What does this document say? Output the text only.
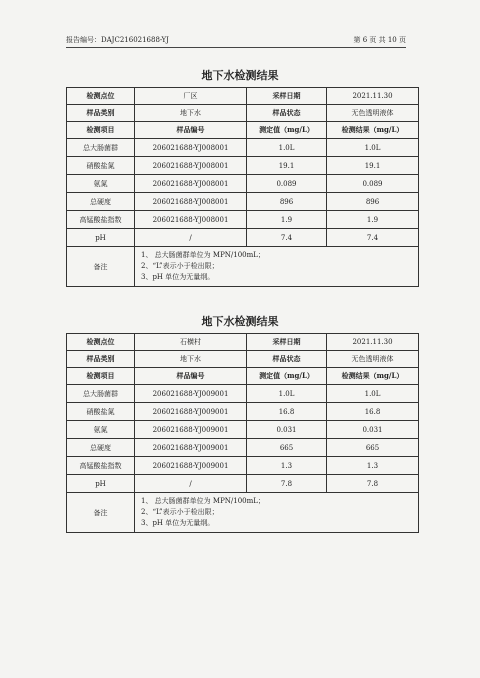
报告编号：DAJC216021688-YJ	第 6 页 共 10 页
地下水检测结果
检测点位	厂区	采样日期	2021.11.30
样品类别	地下水	样品状态	无色透明液体
检测项目	样品编号	测定值（mg/L）	检测结果（mg/L）
总大肠菌群	206021688-YJ008001	1.0L	1.0L
硝酸盐氮	206021688-YJ008001	19.1	19.1
氨氮	206021688-YJ008001	0.089	0.089
总硬度	206021688-YJ008001	896	896
高锰酸盐指数	206021688-YJ008001	1.9	1.9
pH	/	7.4	7.4
备注	1、 总大肠菌群单位为 MPN/100mL；
2、“L”表示小于检出限；
3、pH 单位为无量纲。		
地下水检测结果
检测点位	石横村	采样日期	2021.11.30
样品类别	地下水	样品状态	无色透明液体
检测项目	样品编号	测定值（mg/L）	检测结果（mg/L）
总大肠菌群	206021688-YJ009001	1.0L	1.0L
硝酸盐氮	206021688-YJ009001	16.8	16.8
氨氮	206021688-YJ009001	0.031	0.031
总硬度	206021688-YJ009001	665	665
高锰酸盐指数	206021688-YJ009001	1.3	1.3
pH	/	7.8	7.8
备注	1、 总大肠菌群单位为 MPN/100mL；
2、“L”表示小于检出限；
3、pH 单位为无量纲。		
